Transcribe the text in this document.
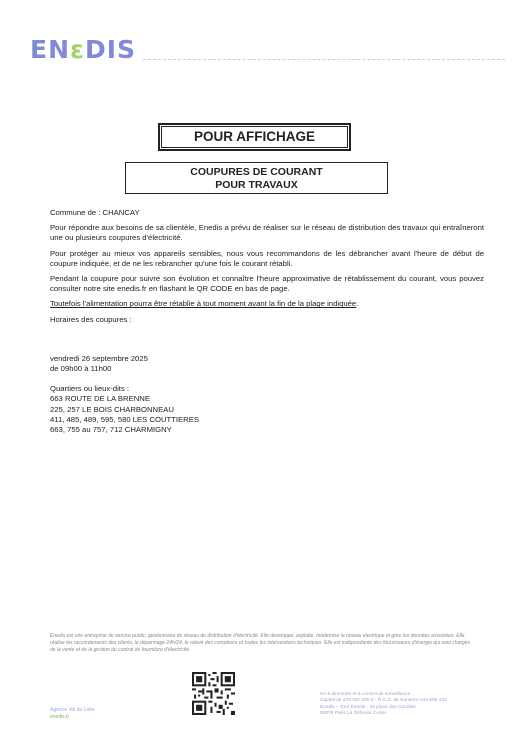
ENεDIS
POUR AFFICHAGE
COUPURES DE COURANT
POUR TRAVAUX

Commune de : CHANCAY

Pour répondre aux besoins de sa clientèle, Enedis a prévu de réaliser sur le réseau de distribution des travaux qui entraîneront une ou plusieurs coupures d'électricité.

Pour protéger au mieux vos appareils sensibles, nous vous recommandons de les débrancher avant l'heure de début de coupure indiquée, et de ne les rebrancher qu'une fois le courant rétabli.

Pendant la coupure pour suivre son évolution et connaître l'heure approximative de rétablissement du courant, vous pouvez consulter notre site enedis.fr en flashant le QR CODE en bas de page.

Toutefois l'alimentation pourra être rétablie à tout moment avant la fin de la plage indiquée.

Horaires des coupures :

vendredi 26 septembre 2025
de 09h00 à 11h00
Quartiers ou lieux-dits :
663 ROUTE DE LA BRENNE
225, 257 LE BOIS CHARBONNEAU
411, 485, 489, 595, 580 LES COUTTIERES
663, 755 au 757, 712 CHARMIGNY
Enedis est une entreprise de service public, gestionnaire du réseau de distribution d'électricité. Elle développe, exploite, modernise le réseau électrique et gère les données associées. Elle réalise les raccordements des clients, le dépannage 24h/24, le relevé des compteurs et toutes les interventions techniques. Elle est indépendante des fournisseurs d'énergie qui sont chargés de la vente et de la gestion du contrat de fourniture d'électricité.
SA à directoire et à conseil de surveillance
Capital de 270 037 000 € - R.C.S. de Nanterre 444 608 442
Enedis – Tour Enedis - 34 place des Corolles
92079 Paris La Défense Cedex
Agence Val de Loire
enedis.fr
